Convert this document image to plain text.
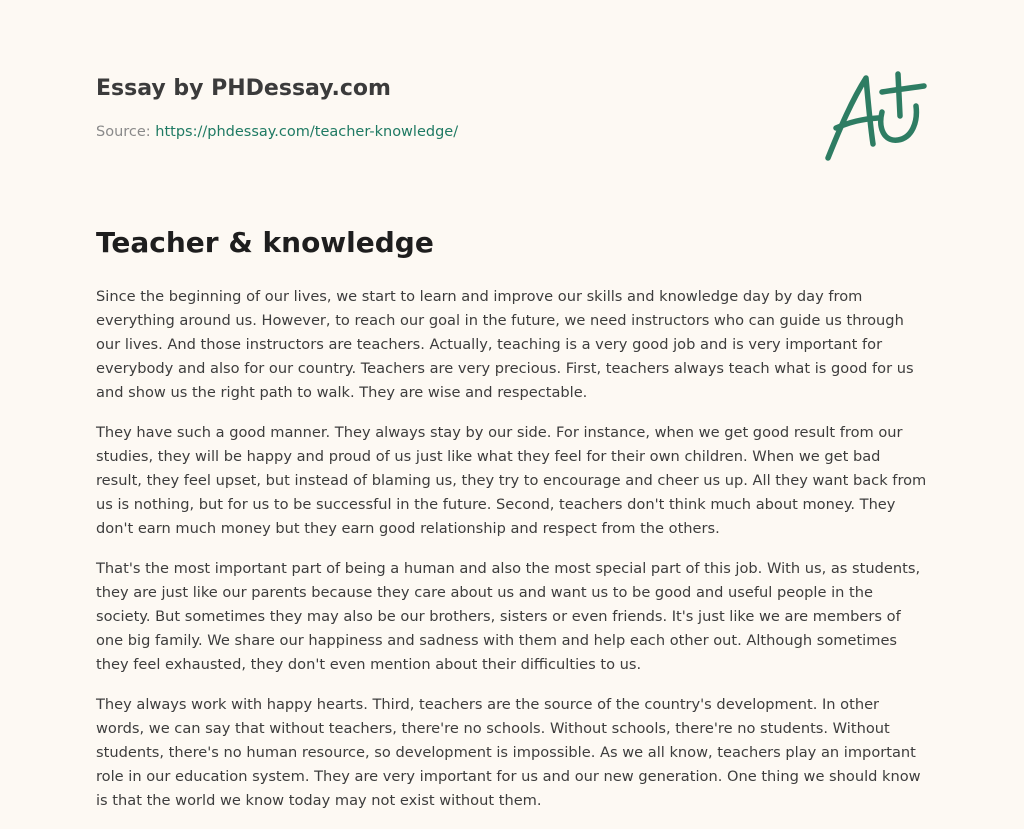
Essay by PHDessay.com
Source: https://phdessay.com/teacher-knowledge/
Teacher & knowledge

Since the beginning of our lives, we start to learn and improve our skills and knowledge day by day from everything around us. However, to reach our goal in the future, we need instructors who can guide us through our lives. And those instructors are teachers. Actually, teaching is a very good job and is very important for everybody and also for our country. Teachers are very precious. First, teachers always teach what is good for us and show us the right path to walk. They are wise and respectable.

They have such a good manner. They always stay by our side. For instance, when we get good result from our studies, they will be happy and proud of us just like what they feel for their own children. When we get bad result, they feel upset, but instead of blaming us, they try to encourage and cheer us up. All they want back from us is nothing, but for us to be successful in the future. Second, teachers don't think much about money. They don't earn much money but they earn good relationship and respect from the others.

That's the most important part of being a human and also the most special part of this job. With us, as students, they are just like our parents because they care about us and want us to be good and useful people in the society. But sometimes they may also be our brothers, sisters or even friends. It's just like we are members of one big family. We share our happiness and sadness with them and help each other out. Although sometimes they feel exhausted, they don't even mention about their difficulties to us.

They always work with happy hearts. Third, teachers are the source of the country's development. In other words, we can say that without teachers, there're no schools. Without schools, there're no students. Without students, there's no human resource, so development is impossible. As we all know, teachers play an important role in our education system. They are very important for us and our new generation. One thing we should know is that the world we know today may not exist without them.
